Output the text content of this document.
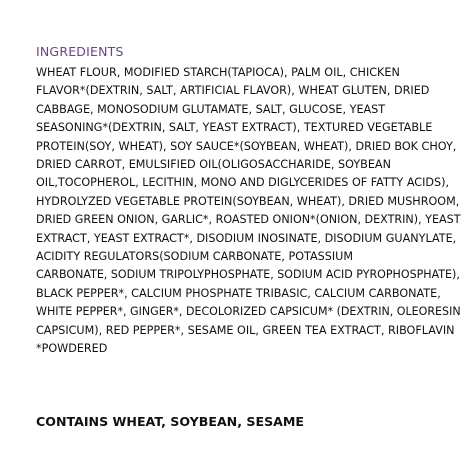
INGREDIENTS
WHEAT FLOUR, MODIFIED STARCH(TAPIOCA), PALM OIL, CHICKEN
FLAVOR*(DEXTRIN, SALT, ARTIFICIAL FLAVOR), WHEAT GLUTEN, DRIED
CABBAGE, MONOSODIUM GLUTAMATE, SALT, GLUCOSE, YEAST
SEASONING*(DEXTRIN, SALT, YEAST EXTRACT), TEXTURED VEGETABLE
PROTEIN(SOY, WHEAT), SOY SAUCE*(SOYBEAN, WHEAT), DRIED BOK CHOY,
DRIED CARROT, EMULSIFIED OIL(OLIGOSACCHARIDE, SOYBEAN
OIL,TOCOPHEROL, LECITHIN, MONO AND DIGLYCERIDES OF FATTY ACIDS),
HYDROLYZED VEGETABLE PROTEIN(SOYBEAN, WHEAT), DRIED MUSHROOM,
DRIED GREEN ONION, GARLIC*, ROASTED ONION*(ONION, DEXTRIN), YEAST
EXTRACT, YEAST EXTRACT*, DISODIUM INOSINATE, DISODIUM GUANYLATE,
ACIDITY REGULATORS(SODIUM CARBONATE, POTASSIUM
CARBONATE, SODIUM TRIPOLYPHOSPHATE, SODIUM ACID PYROPHOSPHATE),
BLACK PEPPER*, CALCIUM PHOSPHATE TRIBASIC, CALCIUM CARBONATE,
WHITE PEPPER*, GINGER*, DECOLORIZED CAPSICUM* (DEXTRIN, OLEORESIN
CAPSICUM), RED PEPPER*, SESAME OIL, GREEN TEA EXTRACT, RIBOFLAVIN
*POWDERED
CONTAINS WHEAT, SOYBEAN, SESAME
